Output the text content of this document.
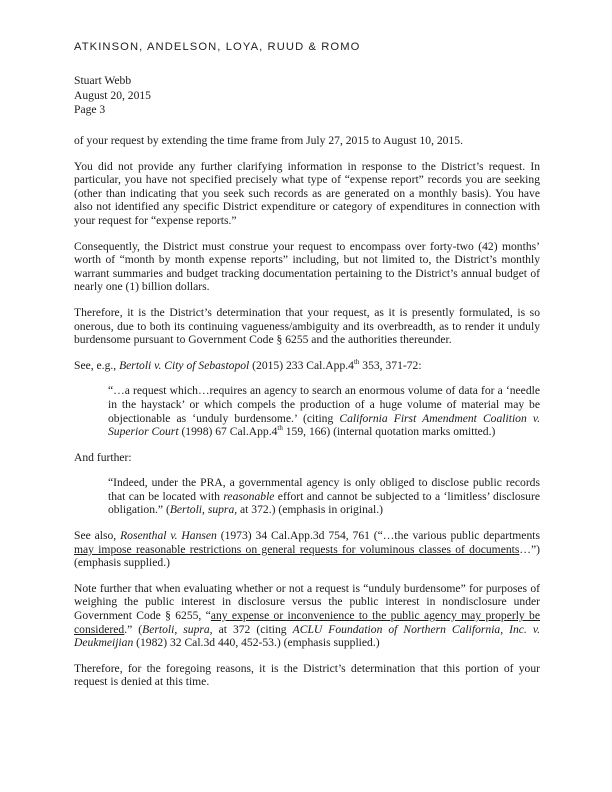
ATKINSON, ANDELSON, LOYA, RUUD & ROMO
Stuart Webb
August 20, 2015
Page 3

of your request by extending the time frame from July 27, 2015 to August 10, 2015.

You did not provide any further clarifying information in response to the District’s request. In particular, you have not specified precisely what type of “expense report” records you are seeking (other than indicating that you seek such records as are generated on a monthly basis). You have also not identified any specific District expenditure or category of expenditures in connection with your request for “expense reports.”

Consequently, the District must construe your request to encompass over forty-two (42) months’ worth of “month by month expense reports” including, but not limited to, the District’s monthly warrant summaries and budget tracking documentation pertaining to the District’s annual budget of nearly one (1) billion dollars.

Therefore, it is the District’s determination that your request, as it is presently formulated, is so onerous, due to both its continuing vagueness/ambiguity and its overbreadth, as to render it unduly burdensome pursuant to Government Code § 6255 and the authorities thereunder.

See, e.g., Bertoli v. City of Sebastopol (2015) 233 Cal.App.4th 353, 371-72:

“…a request which…requires an agency to search an enormous volume of data for a ‘needle in the haystack’ or which compels the production of a huge volume of material may be objectionable as ‘unduly burdensome.’ (citing California First Amendment Coalition v. Superior Court (1998) 67 Cal.App.4th 159, 166) (internal quotation marks omitted.)

And further:

“Indeed, under the PRA, a governmental agency is only obliged to disclose public records that can be located with reasonable effort and cannot be subjected to a ‘limitless’ disclosure obligation.” (Bertoli, supra, at 372.) (emphasis in original.)

See also, Rosenthal v. Hansen (1973) 34 Cal.App.3d 754, 761 (“…the various public departments may impose reasonable restrictions on general requests for voluminous classes of documents…”) (emphasis supplied.)

Note further that when evaluating whether or not a request is “unduly burdensome” for purposes of weighing the public interest in disclosure versus the public interest in nondisclosure under Government Code § 6255, “any expense or inconvenience to the public agency may properly be considered.” (Bertoli, supra, at 372 (citing ACLU Foundation of Northern California, Inc. v. Deukmeijian (1982) 32 Cal.3d 440, 452-53.) (emphasis supplied.)

Therefore, for the foregoing reasons, it is the District’s determination that this portion of your request is denied at this time.
